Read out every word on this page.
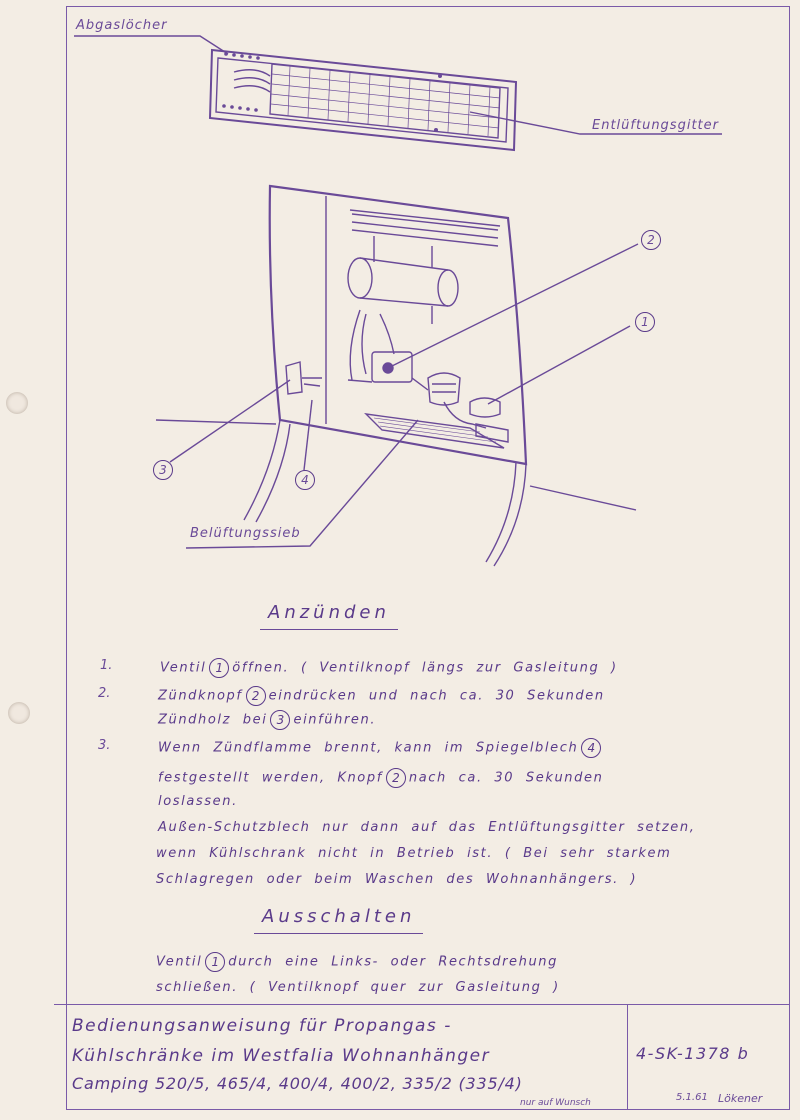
Abgaslöcher
Entlüftungsgitter
Belüftungssieb
2
1
3
4
Anzünden
1.	Ventil 1 öffnen. ( Ventilknopf längs zur Gasleitung )
2.	Zündknopf 2 eindrücken und nach ca. 30 Sekunden
Zündholz bei 3 einführen.
3.	Wenn Zündflamme brennt, kann im Spiegelblech 4
festgestellt werden, Knopf 2 nach ca. 30 Sekunden
loslassen.
Außen-Schutzblech nur dann auf das Entlüftungsgitter setzen,
wenn Kühlschrank nicht in Betrieb ist. ( Bei sehr starkem
Schlagregen oder beim Waschen des Wohnanhängers. )
Ausschalten
Ventil 1 durch eine Links- oder Rechtsdrehung
schließen. ( Ventilknopf quer zur Gasleitung )
Bedienungsanweisung für Propangas -
Kühlschränke im Westfalia Wohnanhänger
Camping 520/5, 465/4, 400/4, 400/2, 335/2 (335/4)
nur auf Wunsch
4-SK-1378 b
5.1.61 Lökener
